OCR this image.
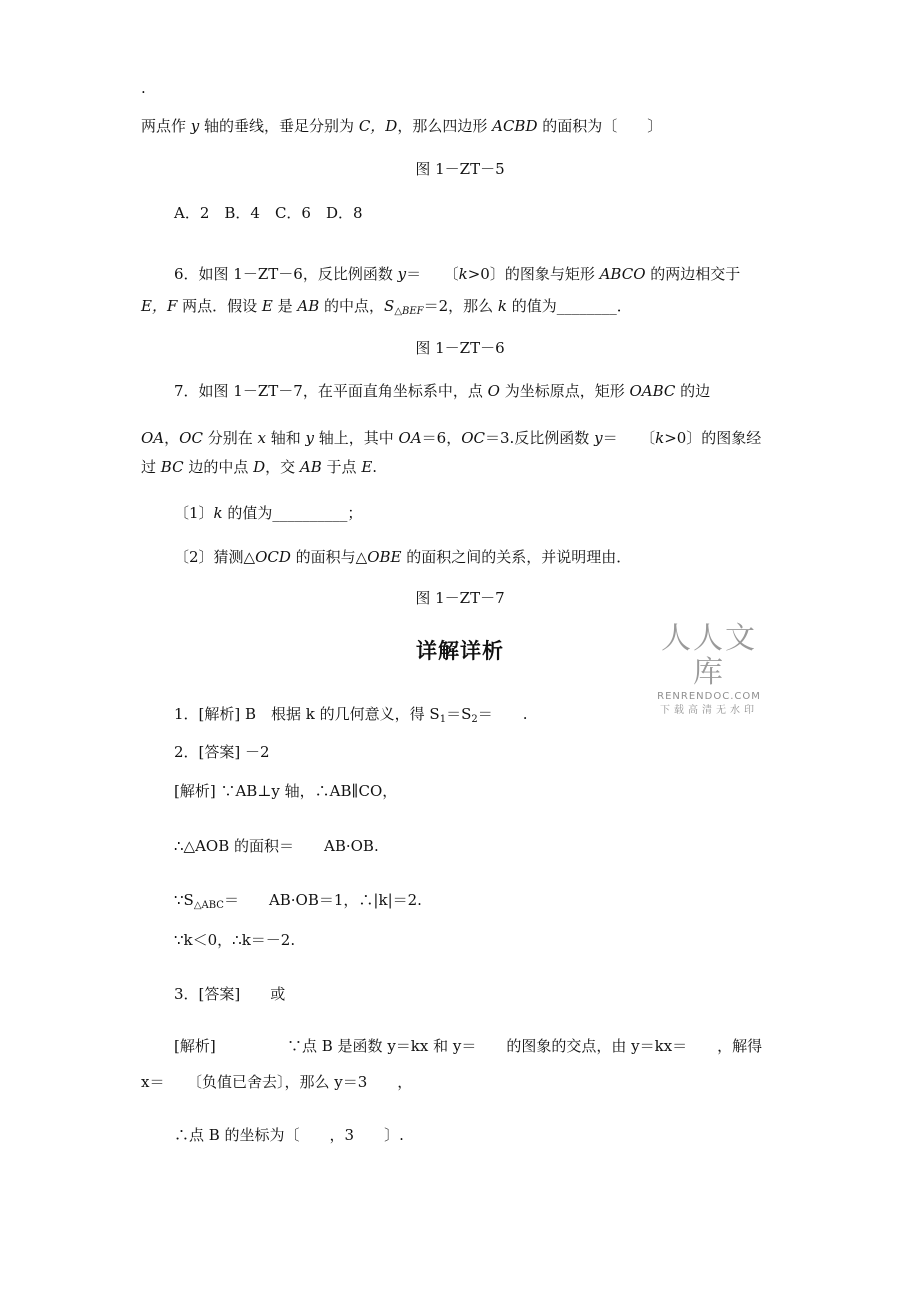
.
两点作 y 轴的垂线，垂足分别为 C，D，那么四边形 ACBD 的面积为〔　　〕
图 1－ZT－5
A．2　B．4　C．6　D．8
6．如图 1－ZT－6，反比例函数 y＝　　〔k>0〕的图象与矩形 ABCO 的两边相交于
E，F 两点．假设 E 是 AB 的中点，$S_{\triangle BEF}=2$，那么 k 的值为________．
图 1－ZT－6
7．如图 1－ZT－7，在平面直角坐标系中，点 O 为坐标原点，矩形 OABC 的边
OA，OC 分别在 x 轴和 y 轴上，其中 OA＝6，OC＝3.反比例函数 y＝　　〔k>0〕的图象经
过 BC 边的中点 D，交 AB 于点 E.
〔1〕k 的值为__________；
〔2〕猜测△OCD 的面积与△OBE 的面积之间的关系，并说明理由．
图 1－ZT－7
详解详析	人人文库
RENRENDOC.COM
下载高清无水印
1．[解析] B　根据 k 的几何意义，得 $S_1=S_2=$　　.
2．[答案] －2
[解析] ∵AB⊥y 轴，∴AB∥CO，
∴△AOB 的面积＝　　AB·OB.
$\because S_{\triangle ABC}=$　　AB·OB＝1，∴|k|＝2.
∵k＜0，∴k＝－2.
3．[答案]　　或
[解析]	∵点 B 是函数 y＝kx 和 y＝　　的图象的交点，由 y＝kx＝　　，解得
x＝　　〔负值已舍去〕，那么 y＝3　　，
∴点 B 的坐标为〔　　，3　　〕.
